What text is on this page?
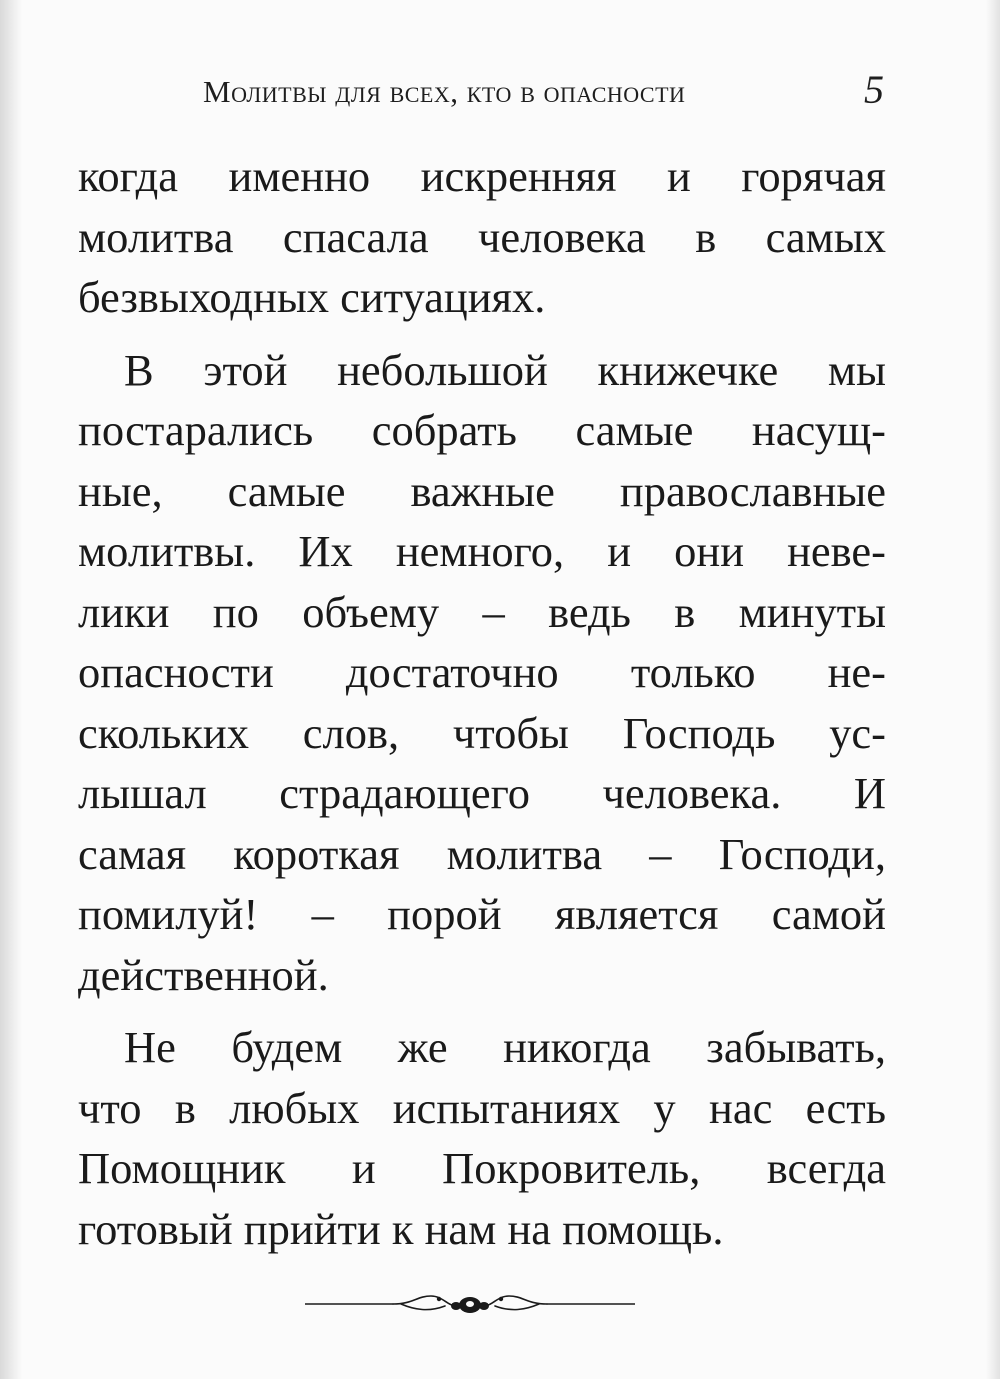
Молитвы для всех, кто в опасности	5
когда именно искренняя и горячая
молитва спасала человека в самых
безвыходных ситуациях.
В этой небольшой книжечке мы
постарались собрать самые насущ-
ные, самые важные православные
молитвы. Их немного, и они неве-
лики по объему – ведь в минуты
опасности достаточно только не-
скольких слов, чтобы Господь ус-
лышал страдающего человека. И
самая короткая молитва – Господи,
помилуй! – порой является самой
действенной.
Не будем же никогда забывать,
что в любых испытаниях у нас есть
Помощник и Покровитель, всегда
готовый прийти к нам на помощь.
